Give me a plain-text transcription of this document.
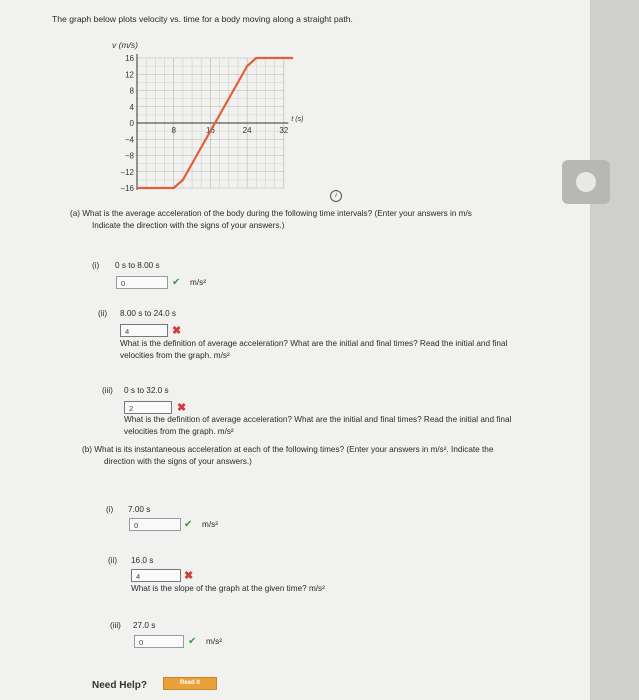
The graph below plots velocity vs. time for a body moving along a straight path.
16
12
8
4
0
−4
−8
−12
−16
8	16	24	32
v (m/s)
t (s)
i
(a) What is the average acceleration of the body during the following time intervals? (Enter your answers in m/s
Indicate the direction with the signs of your answers.)
(i) 0 s to 8.00 s
0	✔ m/s²
(ii) 8.00 s to 24.0 s
4	✖
What is the definition of average acceleration? What are the initial and final times? Read the initial and final
velocities from the graph. m/s²
(iii) 0 s to 32.0 s
2	✖
What is the definition of average acceleration? What are the initial and final times? Read the initial and final
velocities from the graph. m/s²
(b) What is its instantaneous acceleration at each of the following times? (Enter your answers in m/s². Indicate the
direction with the signs of your answers.)
(i) 7.00 s
0	✔ m/s²
(ii) 16.0 s
4	✖
What is the slope of the graph at the given time? m/s²
(iii) 27.0 s
0	✔ m/s²
Need Help?	Read It
